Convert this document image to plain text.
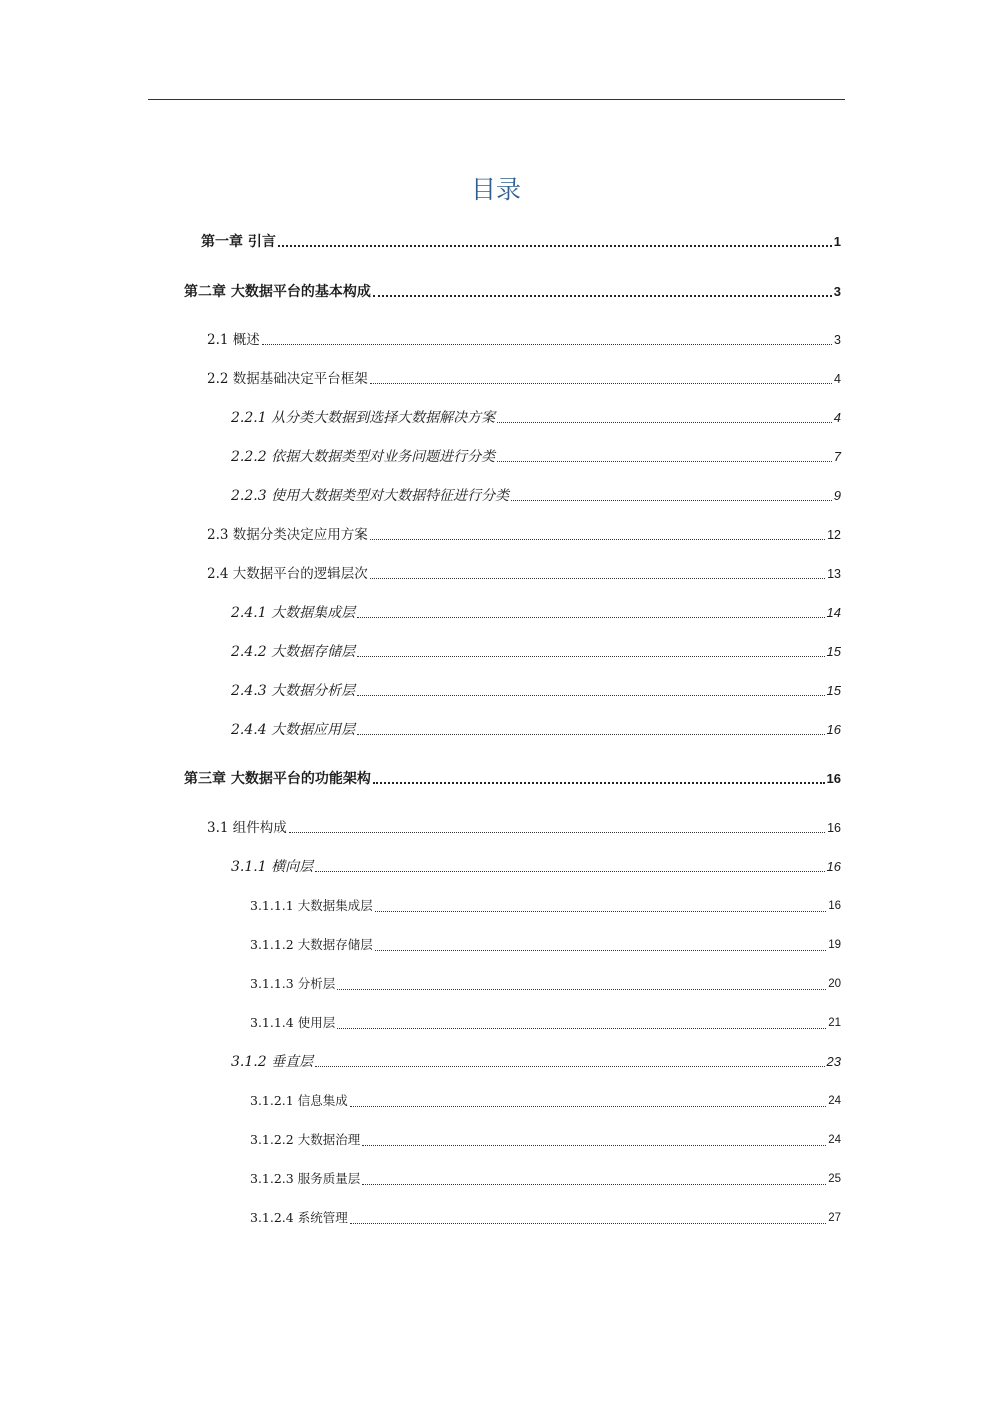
目录
第一章 引言	1
第二章 大数据平台的基本构成	3
2.1 概述	3
2.2 数据基础决定平台框架	4
2.2.1 从分类大数据到选择大数据解决方案	4
2.2.2 依据大数据类型对业务问题进行分类	7
2.2.3 使用大数据类型对大数据特征进行分类	9
2.3 数据分类决定应用方案	12
2.4 大数据平台的逻辑层次	13
2.4.1 大数据集成层	14
2.4.2 大数据存储层	15
2.4.3 大数据分析层	15
2.4.4 大数据应用层	16
第三章 大数据平台的功能架构	16
3.1 组件构成	16
3.1.1 横向层	16
3.1.1.1 大数据集成层	16
3.1.1.2 大数据存储层	19
3.1.1.3 分析层	20
3.1.1.4 使用层	21
3.1.2 垂直层	23
3.1.2.1 信息集成	24
3.1.2.2 大数据治理	24
3.1.2.3 服务质量层	25
3.1.2.4 系统管理	27
